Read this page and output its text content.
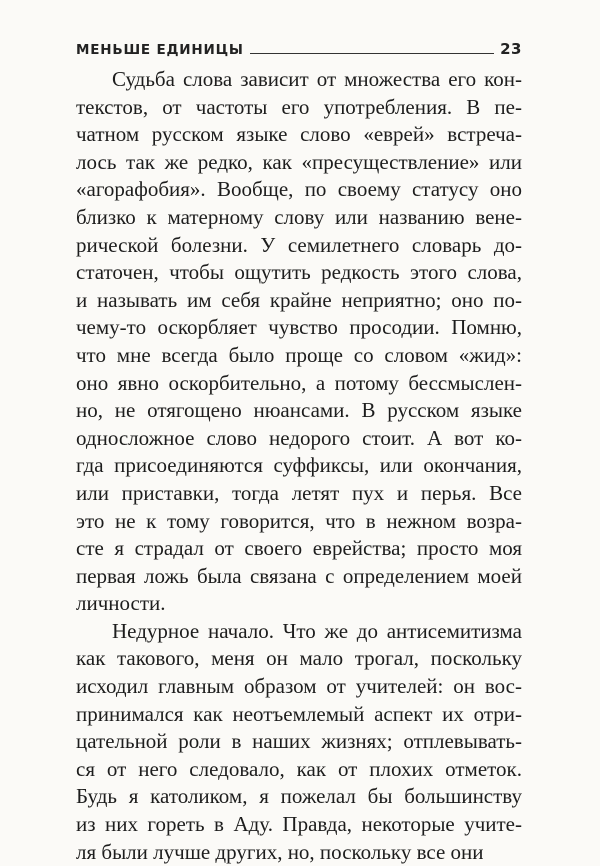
МЕНЬШЕ ЕДИНИЦЫ	23
Судьба слова зависит от множества его кон-
текстов, от частоты его употребления. В пе-
чатном русском языке слово «еврей» встреча-
лось так же редко, как «пресуществление» или
«агорафобия». Вообще, по своему статусу оно
близко к матерному слову или названию вене-
рической болезни. У семилетнего словарь до-
статочен, чтобы ощутить редкость этого слова,
и называть им себя крайне неприятно; оно по-
чему-то оскорбляет чувство просодии. Помню,
что мне всегда было проще со словом «жид»:
оно явно оскорбительно, а потому бессмыслен-
но, не отягощено нюансами. В русском языке
односложное слово недорого стоит. А вот ко-
гда присоединяются суффиксы, или окончания,
или приставки, тогда летят пух и перья. Все
это не к тому говорится, что в нежном возра-
сте я страдал от своего еврейства; просто моя
первая ложь была связана с определением моей
личности.
Недурное начало. Что же до антисемитизма
как такового, меня он мало трогал, поскольку
исходил главным образом от учителей: он вос-
принимался как неотъемлемый аспект их отри-
цательной роли в наших жизнях; отплевывать-
ся от него следовало, как от плохих отметок.
Будь я католиком, я пожелал бы большинству
из них гореть в Аду. Правда, некоторые учите-
ля были лучше других, но, поскольку все они
